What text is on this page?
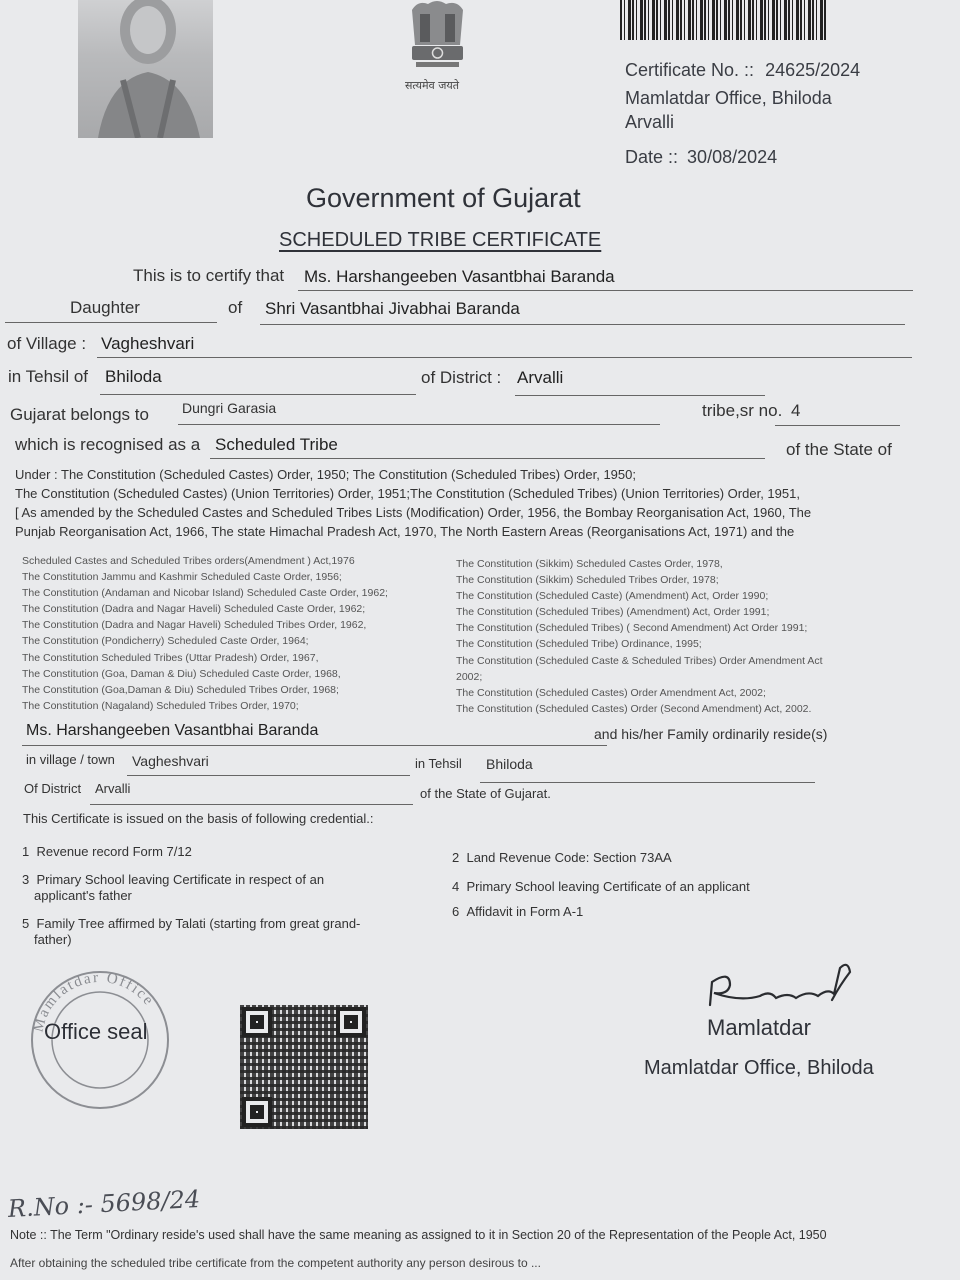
सत्यमेव जयते
Certificate No. :: 24625/2024
Mamlatdar Office, Bhiloda
Arvalli
Date :: 30/08/2024
Government of Gujarat
SCHEDULED TRIBE CERTIFICATE
This is to certify that Ms. Harshangeeben Vasantbhai Baranda
Daughter	of Shri Vasantbhai Jivabhai Baranda
of Village : Vagheshvari
in Tehsil of Bhiloda	of District : Arvalli
Gujarat belongs to Dungri Garasia	tribe,sr no. 4
which is recognised as a Scheduled Tribe	of the State of
Under : The Constitution (Scheduled Castes) Order, 1950; The Constitution (Scheduled Tribes) Order, 1950;
The Constitution (Scheduled Castes) (Union Territories) Order, 1951;The Constitution (Scheduled Tribes) (Union Territories) Order, 1951,
[ As amended by the Scheduled Castes and Scheduled Tribes Lists (Modification) Order, 1956, the Bombay Reorganisation Act, 1960, The
Punjab Reorganisation Act, 1966, The state Himachal Pradesh Act, 1970, The North Eastern Areas (Reorganisations Act, 1971) and the
Scheduled Castes and Scheduled Tribes orders(Amendment ) Act,1976
The Constitution Jammu and Kashmir Scheduled Caste Order, 1956;
The Constitution (Andaman and Nicobar Island) Scheduled Caste Order, 1962;
The Constitution (Dadra and Nagar Haveli) Scheduled Caste Order, 1962;
The Constitution (Dadra and Nagar Haveli) Scheduled Tribes Order, 1962,
The Constitution (Pondicherry) Scheduled Caste Order, 1964;
The Constitution Scheduled Tribes (Uttar Pradesh) Order, 1967,
The Constitution (Goa, Daman & Diu) Scheduled Caste Order, 1968,
The Constitution (Goa,Daman & Diu) Scheduled Tribes Order, 1968;
The Constitution (Nagaland) Scheduled Tribes Order, 1970;
The Constitution (Sikkim) Scheduled Castes Order, 1978,
The Constitution (Sikkim) Scheduled Tribes Order, 1978;
The Constitution (Scheduled Caste) (Amendment) Act, Order 1990;
The Constitution (Scheduled Tribes) (Amendment) Act, Order 1991;
The Constitution (Scheduled Tribes) ( Second Amendment) Act Order 1991;
The Constitution (Scheduled Tribe) Ordinance, 1995;
The Constitution (Scheduled Caste & Scheduled Tribes) Order Amendment Act
2002;
The Constitution (Scheduled Castes) Order Amendment Act, 2002;
The Constitution (Scheduled Castes) Order (Second Amendment) Act, 2002.
Ms. Harshangeeben Vasantbhai Baranda	and his/her Family ordinarily reside(s)
in village / town Vagheshvari	in Tehsil Bhiloda
Of District Arvalli	of the State of Gujarat.
This Certificate is issued on the basis of following credential.:
1 Revenue record Form 7/12	2 Land Revenue Code: Section 73AA
3 Primary School leaving Certificate in respect of an
applicant's father
4 Primary School leaving Certificate of an applicant
6 Affidavit in Form A-1
5 Family Tree affirmed by Talati (starting from great grand-
father)
Mamlatdar Office
Office seal	Mamlatdar
Mamlatdar Office, Bhiloda
R.No :- 5698/24
Note :: The Term "Ordinary reside's used shall have the same meaning as assigned to it in Section 20 of the Representation of the People Act, 1950
After obtaining the scheduled tribe certificate from the competent authority any person desirous to ...
